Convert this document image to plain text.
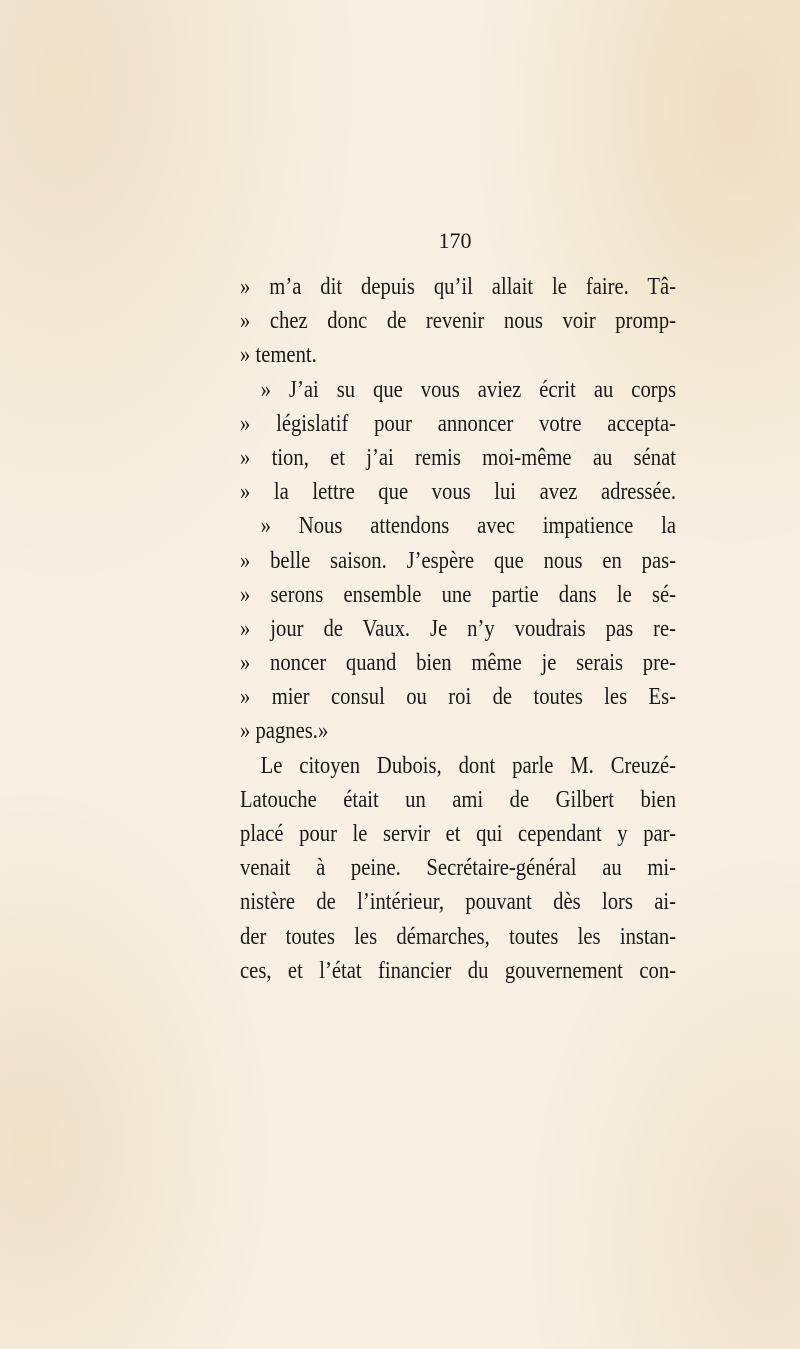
170
» m’a dit depuis qu’il allait le faire. Tâ-
» chez donc de revenir nous voir promp-
» tement.
» J’ai su que vous aviez écrit au corps
» législatif pour annoncer votre accepta-
» tion, et j’ai remis moi-même au sénat
» la lettre que vous lui avez adressée.
» Nous attendons avec impatience la
» belle saison. J’espère que nous en pas-
» serons ensemble une partie dans le sé-
» jour de Vaux. Je n’y voudrais pas re-
» noncer quand bien même je serais pre-
» mier consul ou roi de toutes les Es-
» pagnes.»
Le citoyen Dubois, dont parle M. Creuzé-
Latouche était un ami de Gilbert bien
placé pour le servir et qui cependant y par-
venait à peine. Secrétaire-général au mi-
nistère de l’intérieur, pouvant dès lors ai-
der toutes les démarches, toutes les instan-
ces, et l’état financier du gouvernement con-
